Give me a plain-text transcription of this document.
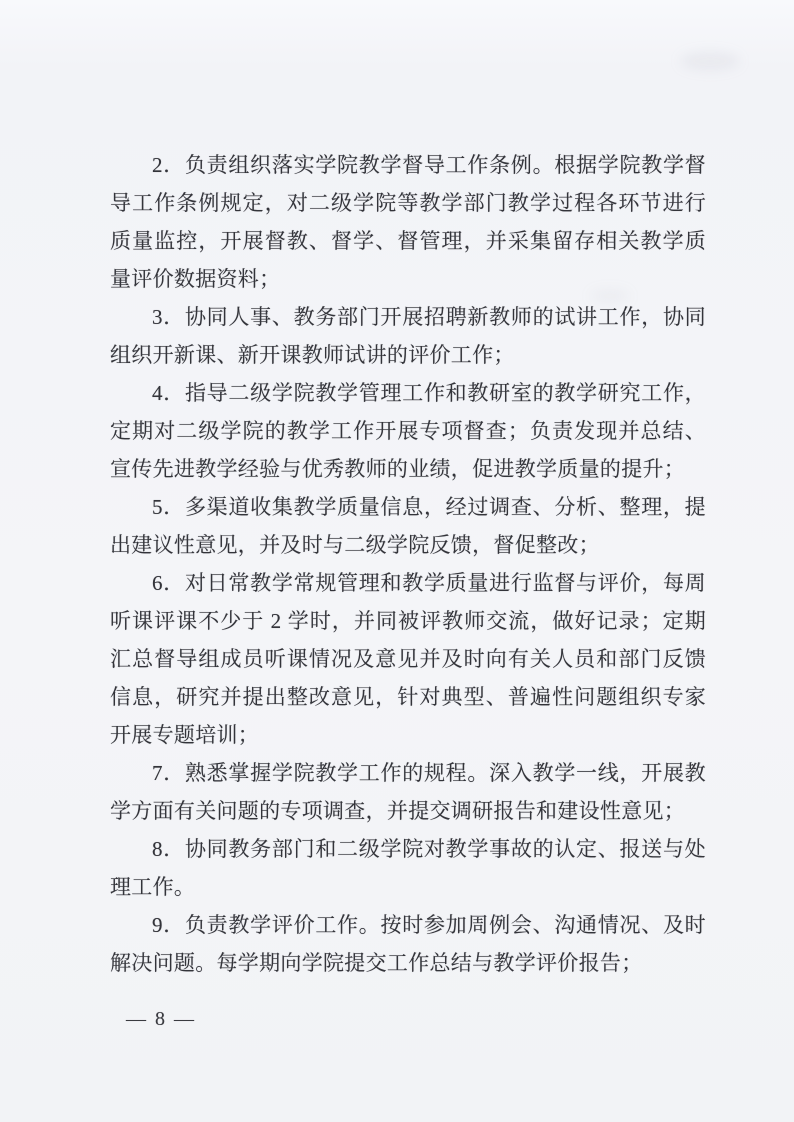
2．负责组织落实学院教学督导工作条例。根据学院教学督导工作条例规定，对二级学院等教学部门教学过程各环节进行质量监控，开展督教、督学、督管理，并采集留存相关教学质量评价数据资料；

3．协同人事、教务部门开展招聘新教师的试讲工作，协同组织开新课、新开课教师试讲的评价工作；

4．指导二级学院教学管理工作和教研室的教学研究工作，定期对二级学院的教学工作开展专项督查；负责发现并总结、宣传先进教学经验与优秀教师的业绩，促进教学质量的提升；

5．多渠道收集教学质量信息，经过调查、分析、整理，提出建议性意见，并及时与二级学院反馈，督促整改；

6．对日常教学常规管理和教学质量进行监督与评价，每周听课评课不少于 2 学时，并同被评教师交流，做好记录；定期汇总督导组成员听课情况及意见并及时向有关人员和部门反馈信息，研究并提出整改意见，针对典型、普遍性问题组织专家开展专题培训；

7．熟悉掌握学院教学工作的规程。深入教学一线，开展教学方面有关问题的专项调查，并提交调研报告和建设性意见；

8．协同教务部门和二级学院对教学事故的认定、报送与处理工作。

9．负责教学评价工作。按时参加周例会、沟通情况、及时解决问题。每学期向学院提交工作总结与教学评价报告；

— 8 —
